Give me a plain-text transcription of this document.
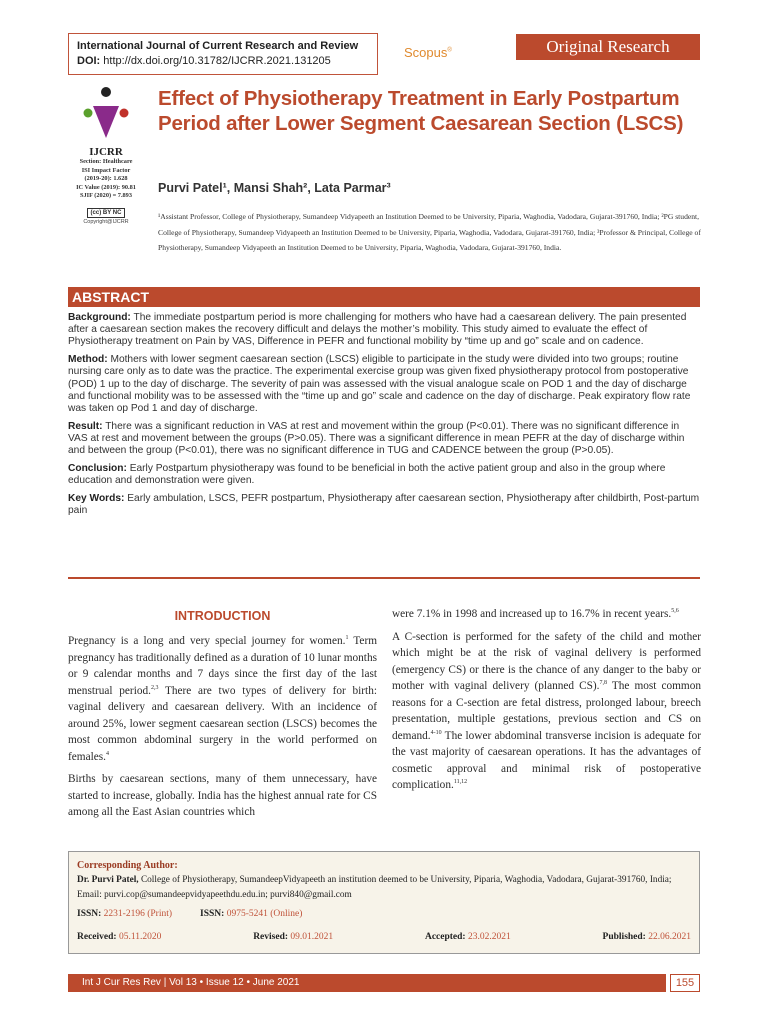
International Journal of Current Research and Review
DOI: http://dx.doi.org/10.31782/IJCRR.2021.131205
Scopus®	Original Research
IJCRR
Section: Healthcare
ISI Impact Factor
(2019-20): 1.628
IC Value (2019): 90.81
SJIF (2020) = 7.893
(cc) BY NC
Copyright@IJCRR
Effect of Physiotherapy Treatment in Early Postpartum Period after Lower Segment Caesarean Section (LSCS)
Purvi Patel¹, Mansi Shah², Lata Parmar³
¹Assistant Professor, College of Physiotherapy, Sumandeep Vidyapeeth an Institution Deemed to be University, Piparia, Waghodia, Vadodara, Gujarat-391760, India; ²PG student, College of Physiotherapy, Sumandeep Vidyapeeth an Institution Deemed to be University, Piparia, Waghodia, Vadodara, Gujarat-391760, India; ³Professor & Principal, College of Physiotherapy, Sumandeep Vidyapeeth an Institution Deemed to be University, Piparia, Waghodia, Vadodara, Gujarat-391760, India.
ABSTRACT

Background: The immediate postpartum period is more challenging for mothers who have had a caesarean delivery. The pain presented after a caesarean section makes the recovery difficult and delays the mother’s mobility. This study aimed to evaluate the effect of Physiotherapy treatment on Pain by VAS, Difference in PEFR and functional mobility by “time up and go” scale and on cadence.

Method: Mothers with lower segment caesarean section (LSCS) eligible to participate in the study were divided into two groups; routine nursing care only as to date was the practice. The experimental exercise group was given fixed physiotherapy protocol from postoperative (POD) 1 up to the day of discharge. The severity of pain was assessed with the visual analogue scale on POD 1 and the day of discharge and functional mobility was to be assessed with the “time up and go” scale and cadence on the day of discharge. Peak expiratory flow rate was taken op Pod 1 and day of discharge.

Result: There was a significant reduction in VAS at rest and movement within the group (P<0.01). There was no significant difference in VAS at rest and movement between the groups (P>0.05). There was a significant difference in mean PEFR at the day of discharge within and between the group (P<0.01), there was no significant difference in TUG and CADENCE between the group (P>0.05).

Conclusion: Early Postpartum physiotherapy was found to be beneficial in both the active patient group and also in the group where education and demonstration were given.

Key Words: Early ambulation, LSCS, PEFR postpartum, Physiotherapy after caesarean section, Physiotherapy after childbirth, Post-partum pain

INTRODUCTION

Pregnancy is a long and very special journey for women.$^1$ Term pregnancy has traditionally defined as a duration of 10 lunar months or 9 calendar months and 7 days since the first day of the last menstrual period.$^{2,3}$ There are two types of delivery for birth: vaginal delivery and caesarean delivery. With an incidence of around 25%, lower segment caesarean section (LSCS) becomes the most common abdominal surgery in the world performed on females.$^4$

Births by caesarean sections, many of them unnecessary, have started to increase, globally. India has the highest annual rate for CS among all the East Asian countries which

were 7.1% in 1998 and increased up to 16.7% in recent years.$^{5,6}$

A C-section is performed for the safety of the child and mother which might be at the risk of vaginal delivery is performed (emergency CS) or there is the chance of any danger to the baby or mother with vaginal delivery (planned CS).$^{7,8}$ The most common reasons for a C-section are fetal distress, prolonged labour, breech presentation, multiple gestations, previous section and CS on demand.$^{4-10}$ The lower abdominal transverse incision is adequate for the vast majority of caesarean operations. It has the advantages of cosmetic approval and minimal risk of postoperative complication.$^{11,12}$

Corresponding Author:
Dr. Purvi Patel, College of Physiotherapy, SumandeepVidyapeeth an institution deemed to be University, Piparia, Waghodia, Vadodara, Gujarat-391760, India; Email: purvi.cop@sumandeepvidyapeethdu.edu.in; purvi840@gmail.com
ISSN: 2231-2196 (Print)	ISSN: 0975-5241 (Online)
Received: 05.11.2020	Revised: 09.01.2021	Accepted: 23.02.2021	Published: 22.06.2021
Int J Cur Res Rev | Vol 13 • Issue 12 • June 2021	155
